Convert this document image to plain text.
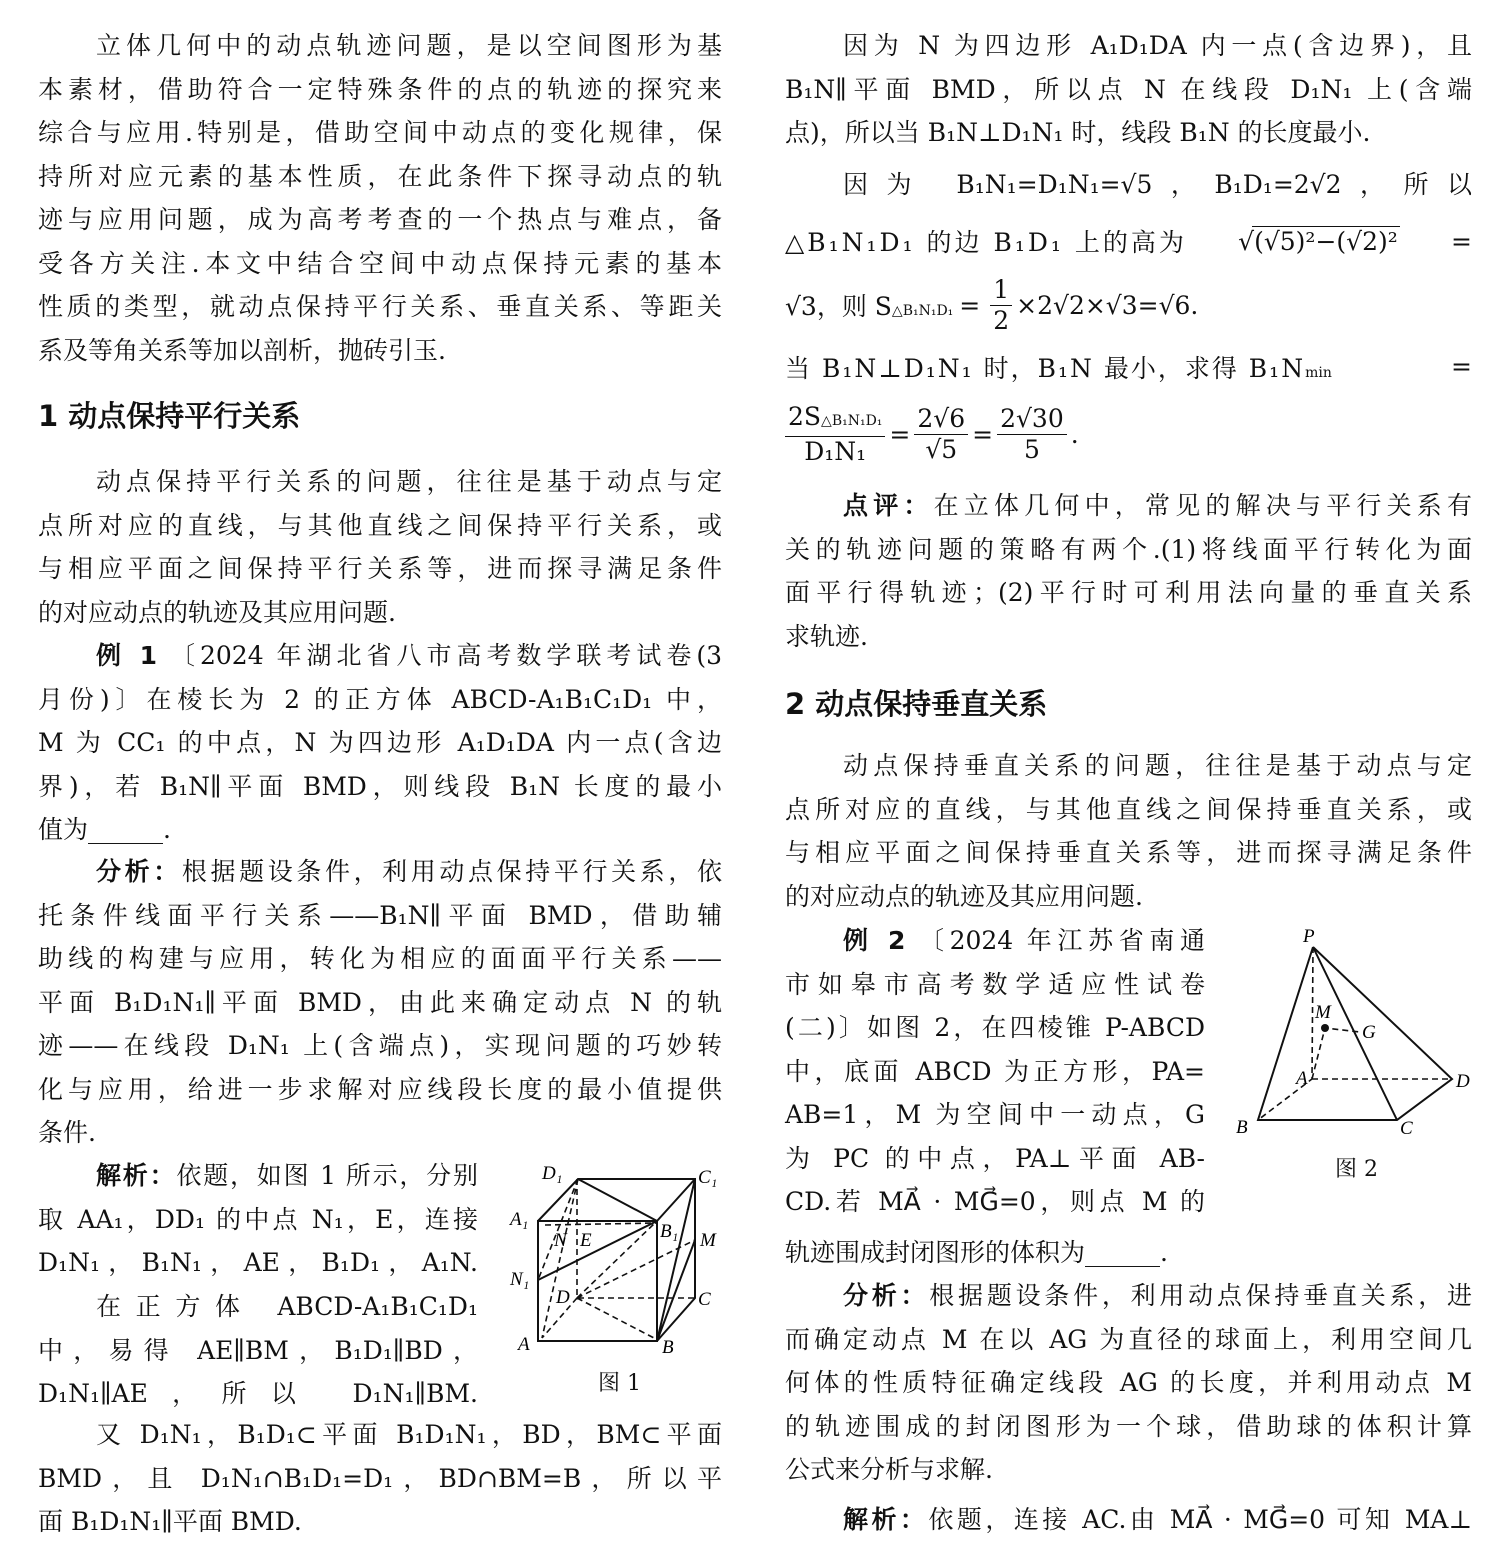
立体几何中的动点轨迹问题，是以空间图形为基
本素材，借助符合一定特殊条件的点的轨迹的探究来
综合与应用.特别是，借助空间中动点的变化规律，保
持所对应元素的基本性质，在此条件下探寻动点的轨
迹与应用问题，成为高考考查的一个热点与难点，备
受各方关注.本文中结合空间中动点保持元素的基本
性质的类型，就动点保持平行关系、垂直关系、等距关
系及等角关系等加以剖析，抛砖引玉.
1 动点保持平行关系
动点保持平行关系的问题，往往是基于动点与定
点所对应的直线，与其他直线之间保持平行关系，或
与相应平面之间保持平行关系等，进而探寻满足条件
的对应动点的轨迹及其应用问题.
例 1 〔2024 年湖北省八市高考数学联考试卷(3
月份)〕在棱长为 2 的正方体 ABCD-A₁B₁C₁D₁ 中，
M 为 CC₁ 的中点，N 为四边形 A₁D₁DA 内一点(含边
界)，若 B₁N∥平面 BMD，则线段 B₁N 长度的最小
值为______.
分析：根据题设条件，利用动点保持平行关系，依
托条件线面平行关系——B₁N∥平面 BMD，借助辅
助线的构建与应用，转化为相应的面面平行关系——
平面 B₁D₁N₁∥平面 BMD，由此来确定动点 N 的轨
迹——在线段 D₁N₁ 上(含端点)，实现问题的巧妙转
化与应用，给进一步求解对应线段长度的最小值提供
条件.
解析：依题，如图 1 所示，分别
取 AA₁，DD₁ 的中点 N₁，E，连接
D₁N₁，B₁N₁，AE，B₁D₁，A₁N.
在正方体 ABCD-A₁B₁C₁D₁
中，易得 AE∥BM，B₁D₁∥BD，
D₁N₁∥AE，所以 D₁N₁∥BM.
又 D₁N₁，B₁D₁⊂平面 B₁D₁N₁，BD，BM⊂平面
BMD，且 D₁N₁∩B₁D₁=D₁，BD∩BM=B，所以平
面 B₁D₁N₁∥平面 BMD.
D₁	C₁
A₁
B₁
N E	M
N₁
D	C
A	B
图 1
因为 N 为四边形 A₁D₁DA 内一点(含边界)，且
B₁N∥平面 BMD，所以点 N 在线段 D₁N₁ 上(含端
点)，所以当 B₁N⊥D₁N₁ 时，线段 B₁N 的长度最小.
因为 B₁N₁=D₁N₁=√5，B₁D₁=2√2，所以
△B₁N₁D₁ 的边 B₁D₁ 上的高为 √(√5)²−(√2)² =
√3，则 S △B₁N₁D₁ = $\frac{1}{2} \times 2√2\times√3=√6$.
当 B₁N⊥D₁N₁ 时，B₁N 最小，求得 B₁Nmin	=
$\frac{\text{2S△B₁N₁D₁}}{\text{D₁N₁}} = \frac{2√6}{√5} = \frac{2√30}{5}$ .
点评：在立体几何中，常见的解决与平行关系有
关的轨迹问题的策略有两个.(1)将线面平行转化为面
面平行得轨迹；(2)平行时可利用法向量的垂直关系
求轨迹.
2 动点保持垂直关系
动点保持垂直关系的问题，往往是基于动点与定
点所对应的直线，与其他直线之间保持垂直关系，或
与相应平面之间保持垂直关系等，进而探寻满足条件
的对应动点的轨迹及其应用问题.
例 2 〔2024 年江苏省南通
市如皋市高考数学适应性试卷
(二)〕如图 2，在四棱锥 P-ABCD
中，底面 ABCD 为正方形，PA=
AB=1，M 为空间中一动点，G
为 PC 的中点，PA⊥平面 AB-
CD.若 MA⃗ · MG⃗=0，则点 M 的
轨迹围成封闭图形的体积为______.
P
M
G
A	D
B	C
图 2
分析：根据题设条件，利用动点保持垂直关系，进
而确定动点 M 在以 AG 为直径的球面上，利用空间几
何体的性质特征确定线段 AG 的长度，并利用动点 M
的轨迹围成的封闭图形为一个球，借助球的体积计算
公式来分析与求解.
解析：依题，连接 AC.由 MA⃗ · MG⃗=0 可知 MA⊥
